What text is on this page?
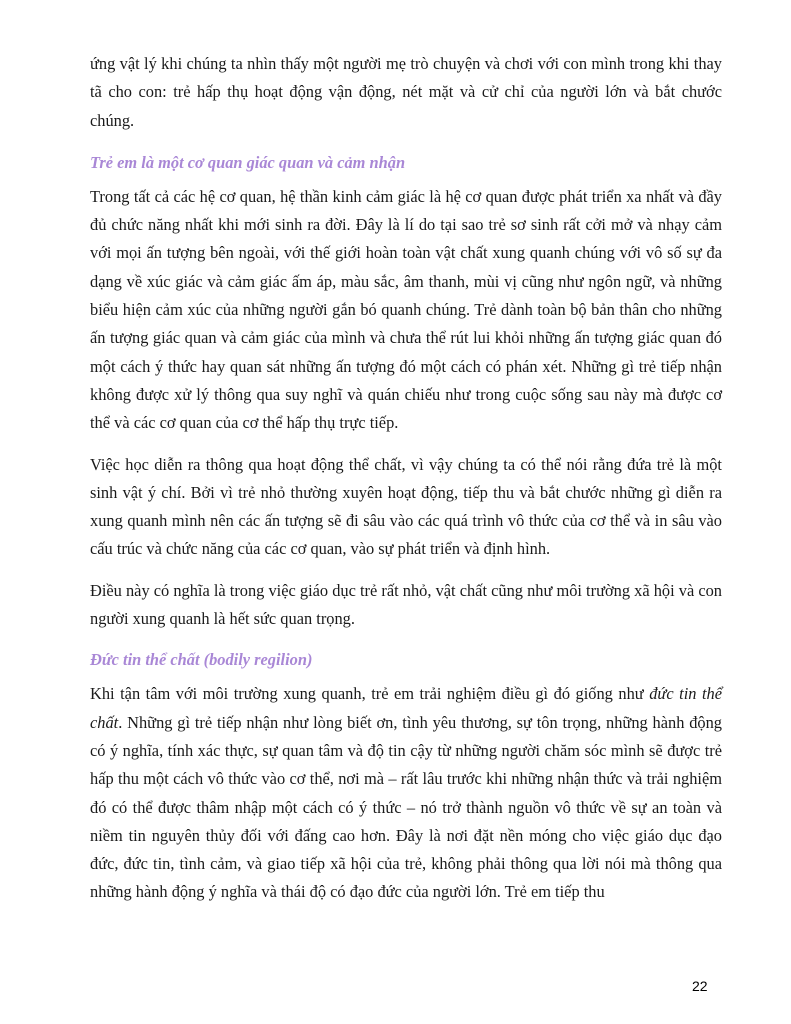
ứng vật lý khi chúng ta nhìn thấy một người mẹ trò chuyện và chơi với con mình trong khi thay tã cho con: trẻ hấp thụ hoạt động vận động, nét mặt và cử chỉ của người lớn và bắt chước chúng.

Trẻ em là một cơ quan giác quan và cảm nhận

Trong tất cả các hệ cơ quan, hệ thần kinh cảm giác là hệ cơ quan được phát triển xa nhất và đầy đủ chức năng nhất khi mới sinh ra đời. Đây là lí do tại sao trẻ sơ sinh rất cởi mở và nhạy cảm với mọi ấn tượng bên ngoài, với thế giới hoàn toàn vật chất xung quanh chúng với vô số sự đa dạng về xúc giác và cảm giác ấm áp, màu sắc, âm thanh, mùi vị cũng như ngôn ngữ, và những biểu hiện cảm xúc của những người gắn bó quanh chúng. Trẻ dành toàn bộ bản thân cho những ấn tượng giác quan và cảm giác của mình và chưa thể rút lui khỏi những ấn tượng giác quan đó một cách ý thức hay quan sát những ấn tượng đó một cách có phán xét. Những gì trẻ tiếp nhận không được xử lý thông qua suy nghĩ và quán chiếu như trong cuộc sống sau này mà được cơ thể và các cơ quan của cơ thể hấp thụ trực tiếp.

Việc học diễn ra thông qua hoạt động thể chất, vì vậy chúng ta có thể nói rằng đứa trẻ là một sinh vật ý chí. Bởi vì trẻ nhỏ thường xuyên hoạt động, tiếp thu và bắt chước những gì diễn ra xung quanh mình nên các ấn tượng sẽ đi sâu vào các quá trình vô thức của cơ thể và in sâu vào cấu trúc và chức năng của các cơ quan, vào sự phát triển và định hình.

Điều này có nghĩa là trong việc giáo dục trẻ rất nhỏ, vật chất cũng như môi trường xã hội và con người xung quanh là hết sức quan trọng.

Đức tin thể chất (bodily regilion)

Khi tận tâm với môi trường xung quanh, trẻ em trải nghiệm điều gì đó giống như đức tin thể chất. Những gì trẻ tiếp nhận như lòng biết ơn, tình yêu thương, sự tôn trọng, những hành động có ý nghĩa, tính xác thực, sự quan tâm và độ tin cậy từ những người chăm sóc mình sẽ được trẻ hấp thu một cách vô thức vào cơ thể, nơi mà – rất lâu trước khi những nhận thức và trải nghiệm đó có thể được thâm nhập một cách có ý thức – nó trở thành nguồn vô thức về sự an toàn và niềm tin nguyên thủy đối với đấng cao hơn. Đây là nơi đặt nền móng cho việc giáo dục đạo đức, đức tin, tình cảm, và giao tiếp xã hội của trẻ, không phải thông qua lời nói mà thông qua những hành động ý nghĩa và thái độ có đạo đức của người lớn. Trẻ em tiếp thu

22
